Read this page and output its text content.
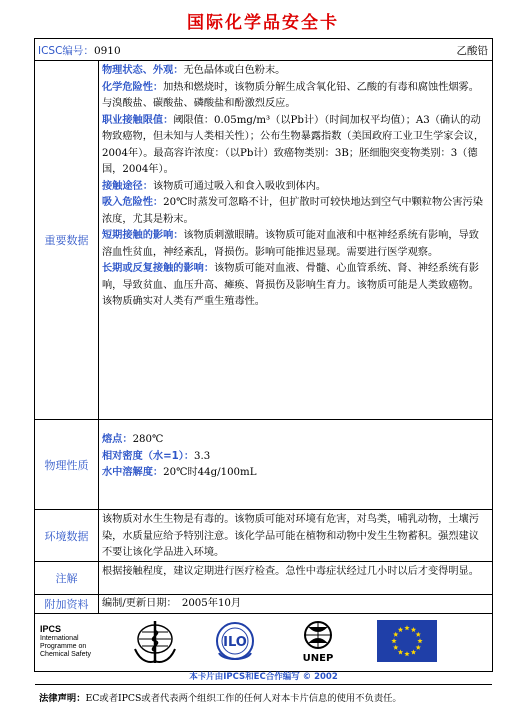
国际化学品安全卡
ICSC编号：0910	乙酸铅
重要数据
物理状态、外观：无色晶体或白色粉末。
化学危险性：加热和燃烧时，该物质分解生成含氧化铅、乙酸的有毒和腐蚀性烟雾。与溴酸盐、碳酸盐、磷酸盐和酚激烈反应。
职业接触限值：阈限值：0.05mg/m³（以Pb计）（时间加权平均值）；A3（确认的动物致癌物，但未知与人类相关性）；公布生物暴露指数（美国政府工业卫生学家会议，2004年）。最高容许浓度：（以Pb计）致癌物类别：3B；胚细胞突变物类别：3（德国，2004年）。
接触途径：该物质可通过吸入和食入吸收到体内。
吸入危险性：20℃时蒸发可忽略不计，但扩散时可较快地达到空气中颗粒物公害污染浓度，尤其是粉末。
短期接触的影响：该物质刺激眼睛。该物质可能对血液和中枢神经系统有影响，导致溶血性贫血，神经紊乱，肾损伤。影响可能推迟显现。需要进行医学观察。
长期或反复接触的影响：该物质可能对血液、骨髓、心血管系统、肾、神经系统有影响，导致贫血、血压升高、瘫痪、肾损伤及影响生育力。该物质可能是人类致癌物。该物质确实对人类有严重生殖毒性。
物理性质
熔点：280℃
相对密度（水=1）：3.3
水中溶解度：20℃时44g/100mL
环境数据
该物质对水生生物是有毒的。该物质可能对环境有危害，对鸟类，哺乳动物，土壤污染，水质量应给予特别注意。该化学品可能在植物和动物中发生生物蓄积。强烈建议不要让该化学品进入环境。
注解
根据接触程度，建议定期进行医疗检查。急性中毒症状经过几小时以后才变得明显。
附加资料	编制/更新日期：　2005年10月
IPCS
International
Programme on
Chemical Safety
ILO
UNEP
本卡片由IPCS和EC合作编写 © 2002
法律声明：EC或者IPCS或者代表两个组织工作的任何人对本卡片信息的使用不负责任。
